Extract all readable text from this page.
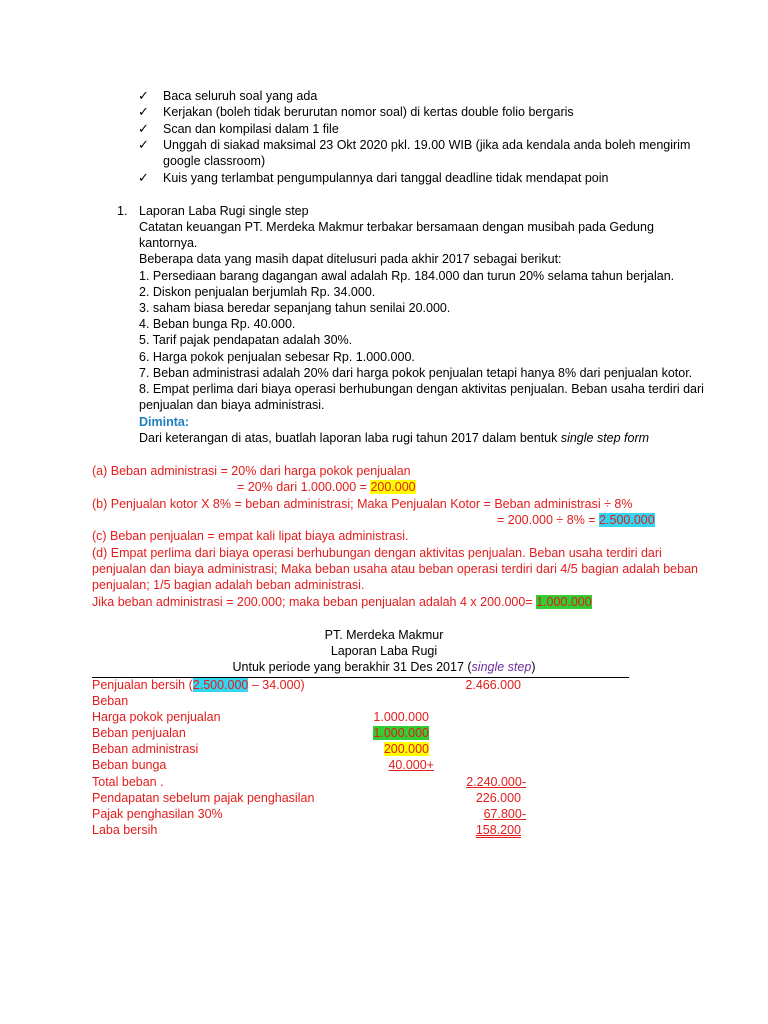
✓ Baca seluruh soal yang ada
✓ Kerjakan (boleh tidak berurutan nomor soal) di kertas double folio bergaris
✓ Scan dan kompilasi dalam 1 file
✓ Unggah di siakad maksimal 23 Okt 2020 pkl. 19.00 WIB (jika ada kendala anda boleh mengirim
google classroom)
✓ Kuis yang terlambat pengumpulannya dari tanggal deadline tidak mendapat poin
1. Laporan Laba Rugi single step
Catatan keuangan PT. Merdeka Makmur terbakar bersamaan dengan musibah pada Gedung
kantornya.
Beberapa data yang masih dapat ditelusuri pada akhir 2017 sebagai berikut:
1. Persediaan barang dagangan awal adalah Rp. 184.000 dan turun 20% selama tahun berjalan.
2. Diskon penjualan berjumlah Rp. 34.000.
3. saham biasa beredar sepanjang tahun senilai 20.000.
4. Beban bunga Rp. 40.000.
5. Tarif pajak pendapatan adalah 30%.
6. Harga pokok penjualan sebesar Rp. 1.000.000.
7. Beban administrasi adalah 20% dari harga pokok penjualan tetapi hanya 8% dari penjualan kotor.
8. Empat perlima dari biaya operasi berhubungan dengan aktivitas penjualan. Beban usaha terdiri dari
penjualan dan biaya administrasi.
Diminta:
Dari keterangan di atas, buatlah laporan laba rugi tahun 2017 dalam bentuk single step form
(a) Beban administrasi = 20% dari harga pokok penjualan
= 20% dari 1.000.000 = 200.000
(b) Penjualan kotor X 8% = beban administrasi; Maka Penjualan Kotor = Beban administrasi ÷ 8%
= 200.000 ÷ 8% = 2.500.000
(c) Beban penjualan = empat kali lipat biaya administrasi.
(d) Empat perlima dari biaya operasi berhubungan dengan aktivitas penjualan. Beban usaha terdiri dari
penjualan dan biaya administrasi; Maka beban usaha atau beban operasi terdiri dari 4/5 bagian adalah beban
penjualan; 1/5 bagian adalah beban administrasi.
Jika beban administrasi = 200.000; maka beban penjualan adalah 4 x 200.000= 1.000.000
PT. Merdeka Makmur
Laporan Laba Rugi
Untuk periode yang berakhir 31 Des 2017 (single step)
Penjualan bersih (2.500.000 – 34.000)	2.466.000
Beban
Harga pokok penjualan	1.000.000
Beban penjualan	1.000.000
Beban administrasi	200.000
Beban bunga	40.000+
Total beban .	2.240.000-
Pendapatan sebelum pajak penghasilan	226.000
Pajak penghasilan 30%	67.800-
Laba bersih	158.200
